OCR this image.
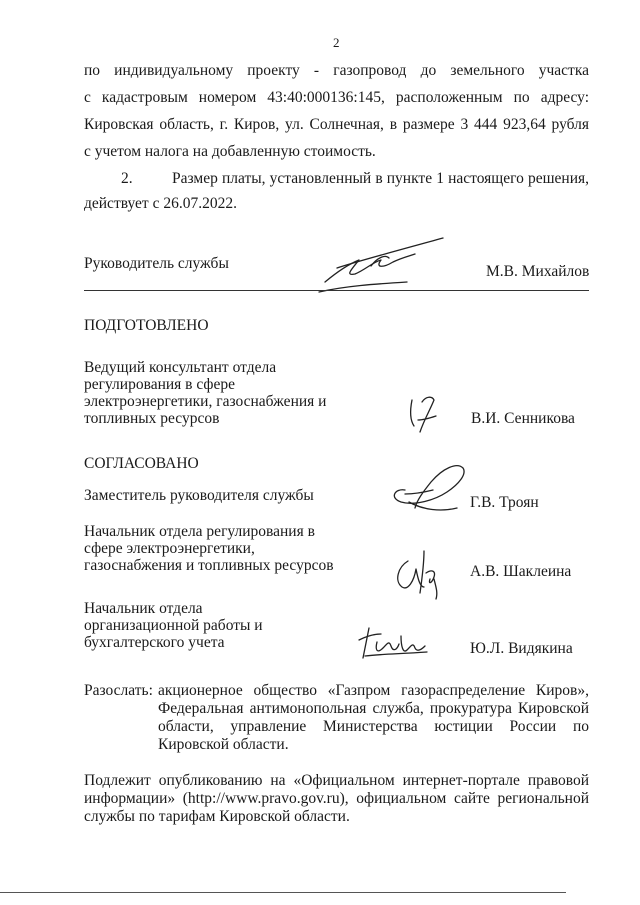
2
по индивидуальному проекту - газопровод до земельного участка
с кадастровым номером 43:40:000136:145, расположенным по адресу:
Кировская область, г. Киров, ул. Солнечная, в размере 3 444 923,64 рубля
с учетом налога на добавленную стоимость.
2.	Размер платы, установленный в пункте 1 настоящего решения,
действует с 26.07.2022.
Руководитель службы	М.В. Михайлов
ПОДГОТОВЛЕНО
Ведущий консультант отдела
регулирования в сфере
электроэнергетики, газоснабжения и
топливных ресурсов	В.И. Сенникова
СОГЛАСОВАНО
Заместитель руководителя службы	Г.В. Троян
Начальник отдела регулирования в
сфере электроэнергетики,
газоснабжения и топливных ресурсов	А.В. Шаклеина
Начальник отдела
организационной работы и
бухгалтерского учета	Ю.Л. Видякина
Разослать: акционерное общество «Газпром газораспределение Киров»,
Федеральная антимонопольная служба, прокуратура Кировской
области, управление Министерства юстиции России по
Кировской области.
Подлежит опубликованию на «Официальном интернет-портале правовой
информации» (http://www.pravo.gov.ru), официальном сайте региональной
службы по тарифам Кировской области.
